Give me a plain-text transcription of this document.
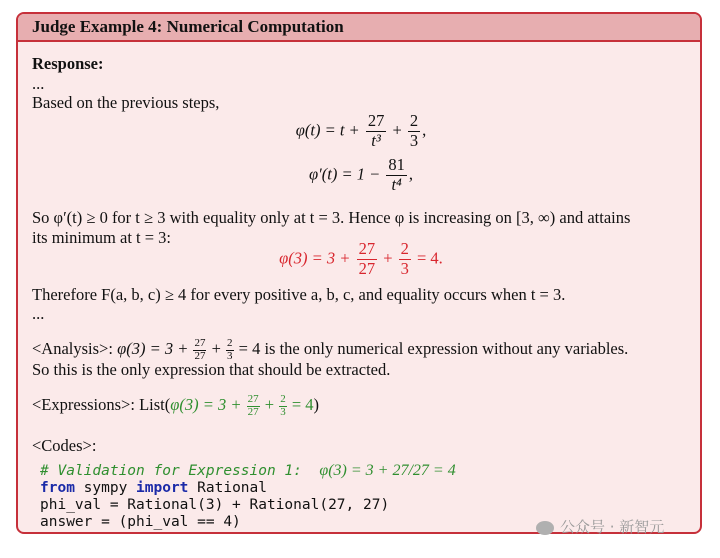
Judge Example 4: Numerical Computation
Response:
...
Based on the previous steps,
$\varphi(t) = t + \frac{27}{\text{t³}} + \frac{2}{3}$ ,
$\varphi'(t) = 1 - \frac{81}{\text{t⁴}}$ ,
So φ′(t) ≥ 0 for t ≥ 3 with equality only at t = 3. Hence φ is increasing on [3, ∞) and attains
its minimum at t = 3:
$\varphi(3) = 3 + \frac{27}{27} + \frac{2}{3} = 4$.
Therefore F(a, b, c) ≥ 4 for every positive a, b, c, and equality occurs when t = 3.
...
<Analysis>: $\varphi(3) = 3 + \frac{27}{27} + \frac{2}{3} = 4$ is the only numerical expression without any variables.
So this is the only expression that should be extracted.
<Expressions>: List(φ(3) = $3 + \frac{27}{27} + \frac{2}{3} = 4$)
<Codes>:
# Validation for Expression 1: φ(3) = 3 + 27/27 = 4
from sympy import Rational
phi_val = Rational(3) + Rational(27, 27)
answer = (phi_val == 4)	公众号 · 新智元
